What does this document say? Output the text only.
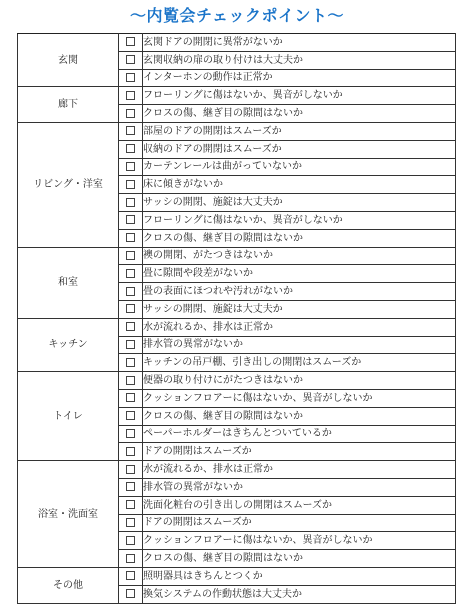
～内覧会チェックポイント～
玄関		玄関ドアの開閉に異常がないか
		玄関収納の扉の取り付けは大丈夫か
		インターホンの動作は正常か
廊下		フローリングに傷はないか、異音がしないか
		クロスの傷、継ぎ目の隙間はないか
リビング・洋室		部屋のドアの開閉はスムーズか
		収納のドアの開閉はスムーズか
		カーテンレールは曲がっていないか
		床に傾きがないか
		サッシの開閉、施錠は大丈夫か
		フローリングに傷はないか、異音がしないか
		クロスの傷、継ぎ目の隙間はないか
和室		襖の開閉、がたつきはないか
		畳に隙間や段差がないか
		畳の表面にほつれや汚れがないか
		サッシの開閉、施錠は大丈夫か
キッチン		水が流れるか、排水は正常か
		排水管の異常がないか
		キッチンの吊戸棚、引き出しの開閉はスムーズか
トイレ		便器の取り付けにがたつきはないか
		クッションフロアーに傷はないか、異音がしないか
		クロスの傷、継ぎ目の隙間はないか
		ペーパーホルダーはきちんとついているか
		ドアの開閉はスムーズか
浴室・洗面室		水が流れるか、排水は正常か
		排水管の異常がないか
		洗面化粧台の引き出しの開閉はスムーズか
		ドアの開閉はスムーズか
		クッションフロアーに傷はないか、異音がしないか
		クロスの傷、継ぎ目の隙間はないか
その他		照明器具はきちんとつくか
		換気システムの作動状態は大丈夫か
